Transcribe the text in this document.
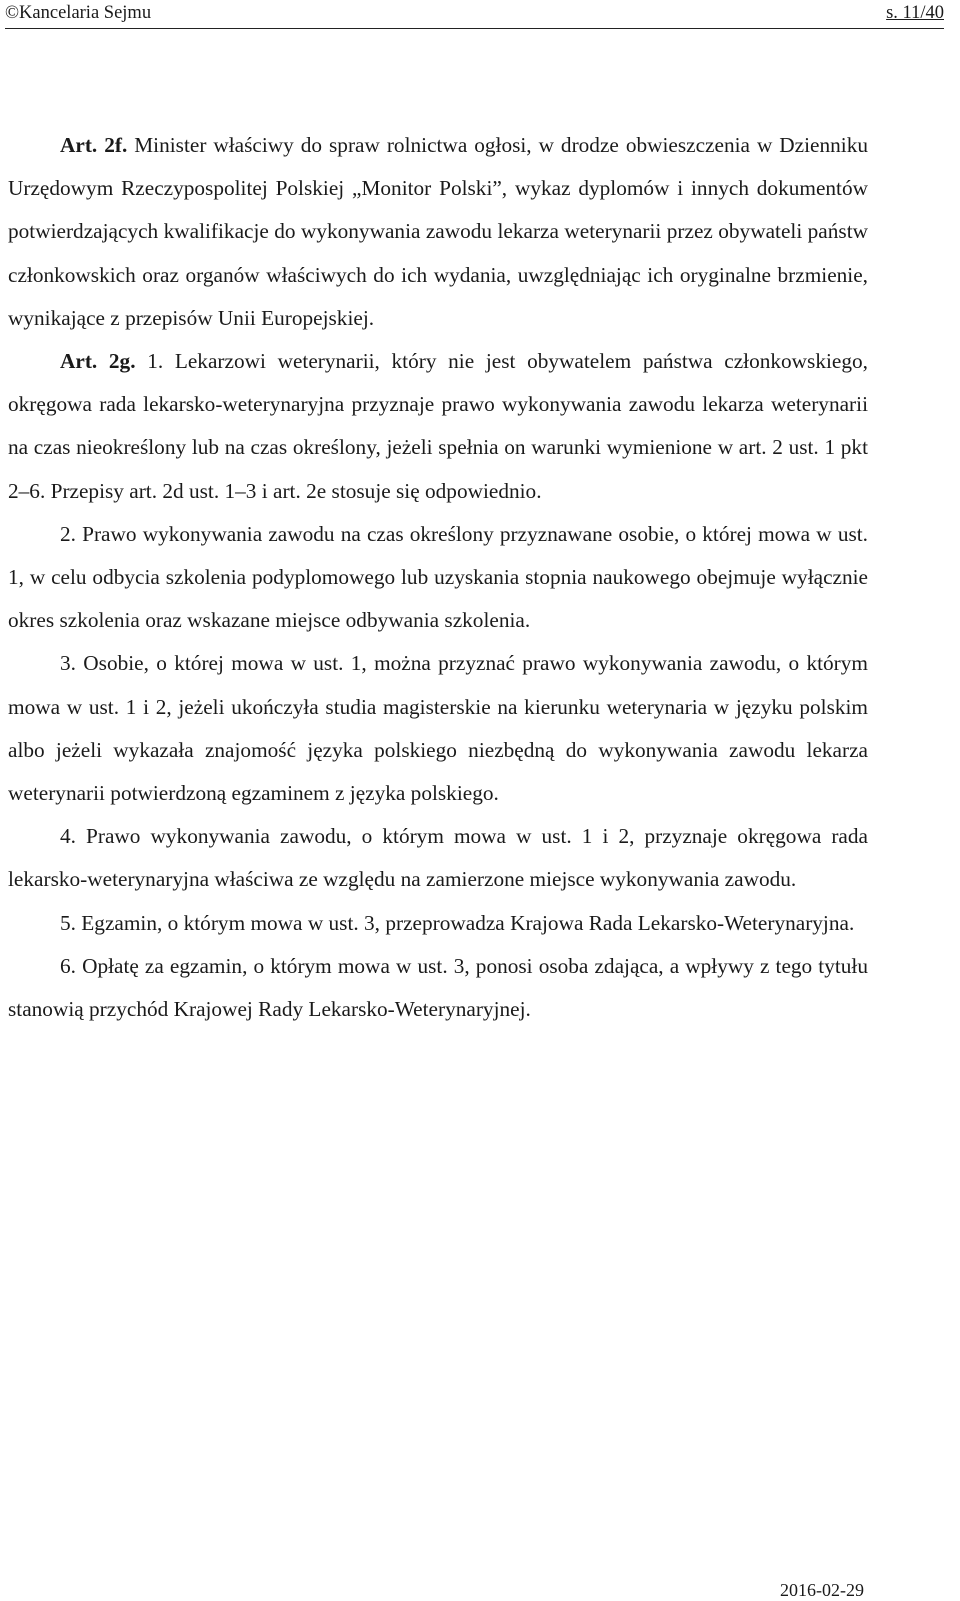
©Kancelaria Sejmu	s. 11/40

Art. 2f. Minister właściwy do spraw rolnictwa ogłosi, w drodze obwieszczenia w Dzienniku Urzędowym Rzeczypospolitej Polskiej „Monitor Polski”, wykaz dyplomów i innych dokumentów potwierdzających kwalifikacje do wykonywania zawodu lekarza weterynarii przez obywateli państw członkowskich oraz organów właściwych do ich wydania, uwzględniając ich oryginalne brzmienie, wynikające z przepisów Unii Europejskiej.

Art. 2g. 1. Lekarzowi weterynarii, który nie jest obywatelem państwa członkowskiego, okręgowa rada lekarsko-weterynaryjna przyznaje prawo wykonywania zawodu lekarza weterynarii na czas nieokreślony lub na czas określony, jeżeli spełnia on warunki wymienione w art. 2 ust. 1 pkt 2–6. Przepisy art. 2d ust. 1–3 i art. 2e stosuje się odpowiednio.

2. Prawo wykonywania zawodu na czas określony przyznawane osobie, o której mowa w ust. 1, w celu odbycia szkolenia podyplomowego lub uzyskania stopnia naukowego obejmuje wyłącznie okres szkolenia oraz wskazane miejsce odbywania szkolenia.

3. Osobie, o której mowa w ust. 1, można przyznać prawo wykonywania zawodu, o którym mowa w ust. 1 i 2, jeżeli ukończyła studia magisterskie na kierunku weterynaria w języku polskim albo jeżeli wykazała znajomość języka polskiego niezbędną do wykonywania zawodu lekarza weterynarii potwierdzoną egzaminem z języka polskiego.

4. Prawo wykonywania zawodu, o którym mowa w ust. 1 i 2, przyznaje okręgowa rada lekarsko-weterynaryjna właściwa ze względu na zamierzone miejsce wykonywania zawodu.

5. Egzamin, o którym mowa w ust. 3, przeprowadza Krajowa Rada Lekarsko-Weterynaryjna.

6. Opłatę za egzamin, o którym mowa w ust. 3, ponosi osoba zdająca, a wpływy z tego tytułu stanowią przychód Krajowej Rady Lekarsko-Weterynaryjnej.

2016-02-29
